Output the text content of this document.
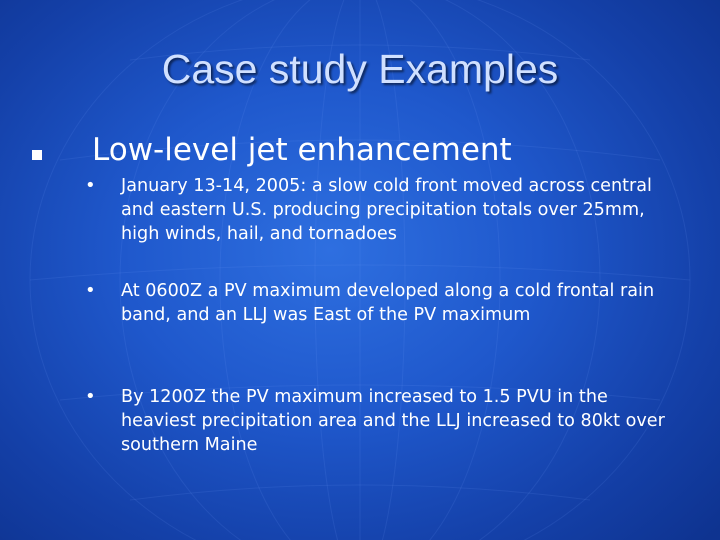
Case study Examples
Low-level jet enhancement
• January 13-14, 2005: a slow cold front moved across central and eastern U.S. producing precipitation totals over 25mm, high winds, hail, and tornadoes
• At 0600Z a PV maximum developed along a cold frontal rain band, and an LLJ was East of the PV maximum
• By 1200Z the PV maximum increased to 1.5 PVU in the heaviest precipitation area and the LLJ increased to 80kt over southern Maine
